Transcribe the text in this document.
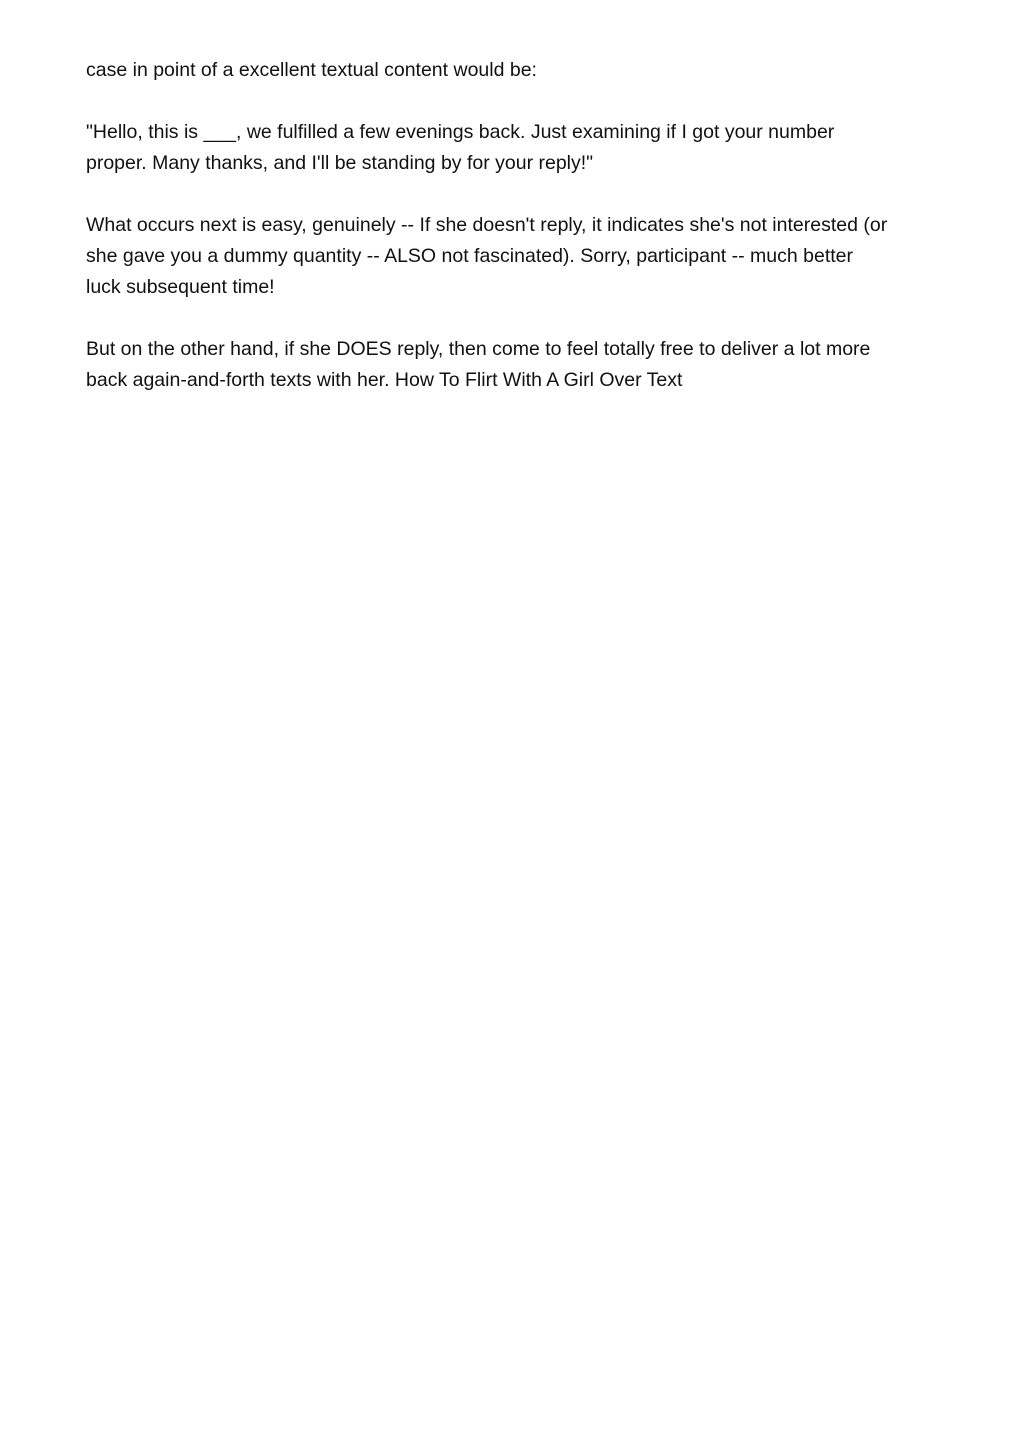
case in point of a excellent textual content would be:

"Hello, this is ___, we fulfilled a few evenings back. Just examining if I got your number
proper. Many thanks, and I'll be standing by for your reply!"

What occurs next is easy, genuinely -- If she doesn't reply, it indicates she's not interested (or
she gave you a dummy quantity -- ALSO not fascinated). Sorry, participant -- much better
luck subsequent time!

But on the other hand, if she DOES reply, then come to feel totally free to deliver a lot more
back again-and-forth texts with her. How To Flirt With A Girl Over Text
